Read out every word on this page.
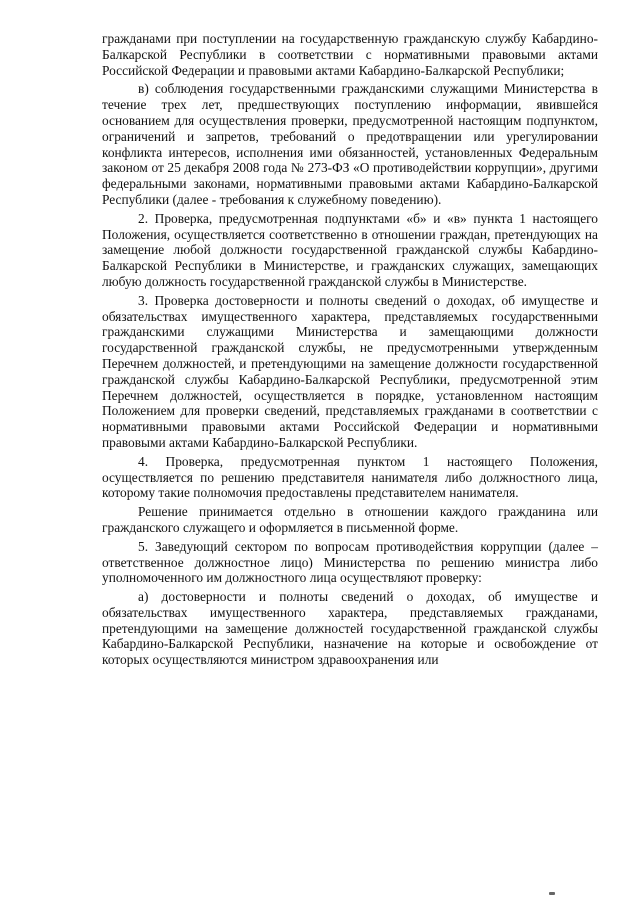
гражданами при поступлении на государственную гражданскую службу Кабардино-Балкарской Республики в соответствии с нормативными правовыми актами Российской Федерации и правовыми актами Кабардино-Балкарской Республики;

в) соблюдения государственными гражданскими служащими Министерства в течение трех лет, предшествующих поступлению информации, явившейся основанием для осуществления проверки, предусмотренной настоящим подпунктом, ограничений и запретов, требований о предотвращении или урегулировании конфликта интересов, исполнения ими обязанностей, установленных Федеральным законом от 25 декабря 2008 года № 273-ФЗ «О противодействии коррупции», другими федеральными законами, нормативными правовыми актами Кабардино-Балкарской Республики (далее - требования к служебному поведению).

2. Проверка, предусмотренная подпунктами «б» и «в» пункта 1 настоящего Положения, осуществляется соответственно в отношении граждан, претендующих на замещение любой должности государственной гражданской службы Кабардино-Балкарской Республики в Министерстве, и гражданских служащих, замещающих любую должность государственной гражданской службы в Министерстве.

3. Проверка достоверности и полноты сведений о доходах, об имуществе и обязательствах имущественного характера, представляемых государственными гражданскими служащими Министерства и замещающими должности государственной гражданской службы, не предусмотренными утвержденным Перечнем должностей, и претендующими на замещение должности государственной гражданской службы Кабардино-Балкарской Республики, предусмотренной этим Перечнем должностей, осуществляется в порядке, установленном настоящим Положением для проверки сведений, представляемых гражданами в соответствии с нормативными правовыми актами Российской Федерации и нормативными правовыми актами Кабардино-Балкарской Республики.

4. Проверка, предусмотренная пунктом 1 настоящего Положения, осуществляется по решению представителя нанимателя либо должностного лица, которому такие полномочия предоставлены представителем нанимателя.

Решение принимается отдельно в отношении каждого гражданина или гражданского служащего и оформляется в письменной форме.

5. Заведующий сектором по вопросам противодействия коррупции (далее – ответственное должностное лицо) Министерства по решению министра либо уполномоченного им должностного лица осуществляют проверку:

а) достоверности и полноты сведений о доходах, об имуществе и обязательствах имущественного характера, представляемых гражданами, претендующими на замещение должностей государственной гражданской службы Кабардино-Балкарской Республики, назначение на которые и освобождение от которых осуществляются министром здравоохранения или
